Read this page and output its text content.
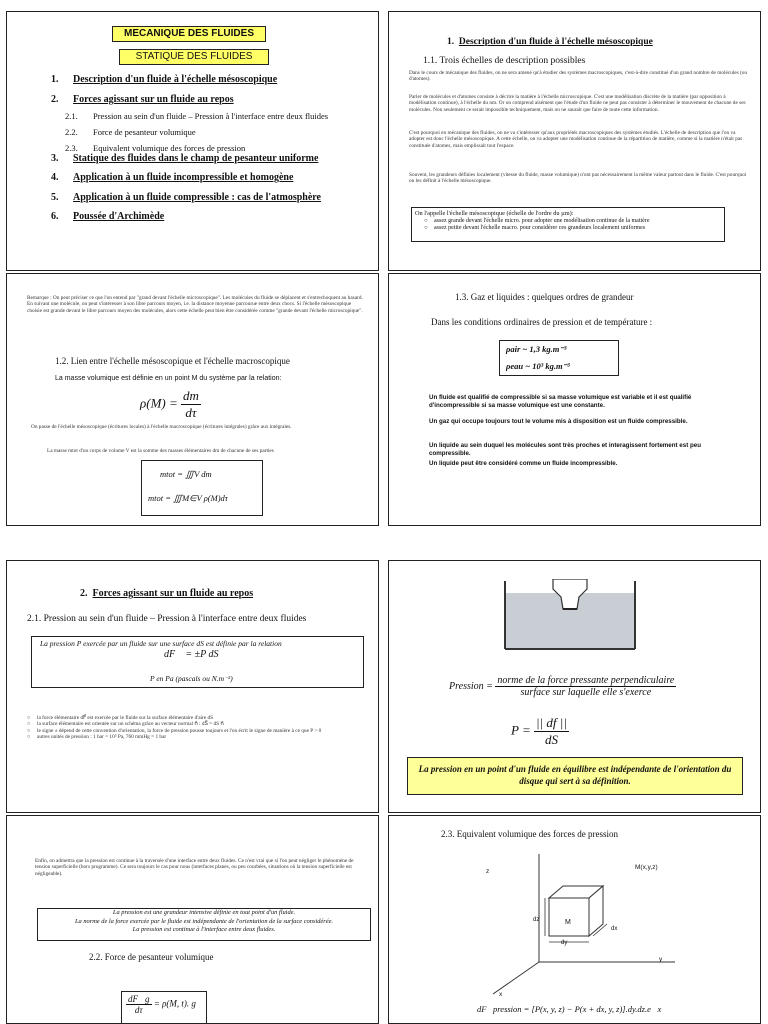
MECANIQUE DES FLUIDES
STATIQUE DES FLUIDES
1. Description d'un fluide à l'échelle mésoscopique
2. Forces agissant sur un fluide au repos
2.1. Pression au sein d'un fluide – Pression à l'interface entre deux fluides
2.2. Force de pesanteur volumique
2.3. Equivalent volumique des forces de pression
3. Statique des fluides dans le champ de pesanteur uniforme
4. Application à un fluide incompressible et homogène
5. Application à un fluide compressible : cas de l'atmosphère
6. Poussée d'Archimède
1. Description d'un fluide à l'échelle mésoscopique
1.1. Trois échelles de description possibles
Dans le cours de mécanique des fluides, on ne sera amené qu'à étudier des systèmes macroscopiques, c'est-à-dire constitué d'un grand nombre de molécules (ou d'atomes).
Parler de molécules et d'atomes consiste à décrire la matière à l'échelle microscopique. C'est une modélisation discrète de la matière (par opposition à modélisation continue), à l'échelle du nm. Or on comprend aisément que l'étude d'un fluide ne peut pas consister à déterminer le mouvement de chacune de ses molécules. Non seulement ce serait impossible techniquement, mais on ne saurait que faire de toute cette information.
C'est pourquoi en mécanique des fluides, on ne va s'intéresser qu'aux propriétés macroscopiques des systèmes étudiés. L'échelle de description que l'on va adopter est donc l'échelle mésoscopique. A cette échelle, on va adopter une modélisation continue de la répartition de matière, comme si la matière n'était pas constituée d'atomes, mais emplissait tout l'espace.
Souvent, les grandeurs définies localement (vitesse du fluide, masse volumique) n'ont pas nécessairement la même valeur partout dans le fluide. C'est pourquoi on les définit à l'échelle mésoscopique.
On l'appelle l'échelle mésoscopique (échelle de l'ordre du µm):
○ assez grande devant l'échelle micro. pour adopter une modélisation continue de la matière
○ assez petite devant l'échelle macro. pour considérer ces grandeurs localement uniformes
Remarque : On peut préciser ce que l'on entend par "grand devant l'échelle microscopique". Les molécules du fluide se déplacent et s'entrechoquent au hasard. En suivant une molécule, on peut s'intéresser à son libre parcours moyen, i.e. la distance moyenne parcourue entre deux chocs. Si l'échelle mésoscopique choisie est grande devant le libre parcours moyen des molécules, alors cette échelle peut bien être considérée comme "grande devant l'échelle microscopique".
1.2. Lien entre l'échelle mésoscopique et l'échelle macroscopique
La masse volumique est définie en un point M du système par la relation:
$\rho(M) = \frac{dm}{d\tau}$
On passe de l'échelle mésoscopique (écritures locales) à l'échelle macroscopique (écritures intégrales) grâce aux intégrales.
La masse mtot d'un corps de volume V est la somme des masses élémentaires dm de chacune de ses parties
mtot = ∭V dm
mtot = ∭M∈V ρ(M)dτ
1.3. Gaz et liquides : quelques ordres de grandeur
Dans les conditions ordinaires de pression et de température :
ρair ~ 1,3 kg.m⁻³
ρeau ~ 10³ kg.m⁻³
Un fluide est qualifié de compressible si sa masse volumique est variable et il est qualifié d'incompressible si sa masse volumique est une constante.
Un gaz qui occupe toujours tout le volume mis à disposition est un fluide compressible.
Un liquide au sein duquel les molécules sont très proches et interagissent fortement est peu compressible.
Un liquide peut être considéré comme un fluide incompressible.
2. Forces agissant sur un fluide au repos
2.1. Pression au sein d'un fluide – Pression à l'interface entre deux fluides
La pression P exercée par un fluide sur une surface dS est définie par la relation
dF⃗ = ±P dS⃗
P en Pa (pascals ou N.m⁻²)
○ la force élémentaire dF⃗ est exercée par le fluide sur la surface élémentaire d'aire dS
○ la surface élémentaire est orientée sur un schéma grâce au vecteur normal n⃗ : dS⃗ = dS n⃗
○ le signe ± dépend de cette convention d'orientation, la force de pression pousse toujours et l'on écrit le signe de manière à ce que P > 0
○ autres unités de pression : 1 bar = 10⁵ Pa, 760 mmHg = 1 bar
Pression = $\frac{\text{norme de la force pressante perpendiculaire}}{\text{surface sur laquelle elle s'exerce}}$
$P = \frac{|| df ||}{dS}$
La pression en un point d'un fluide en équilibre est indépendante de l'orientation du disque qui sert à sa définition.
Enfin, on admettra que la pression est continue à la traversée d'une interface entre deux fluides. Ce n'est vrai que si l'on peut négliger le phénomène de tension superficielle (hors programme). Ce sera toujours le cas pour nous (interfaces planes, ou peu courbées, situations où la tension superficielle est négligeable).
La pression est une grandeur intensive définie en tout point d'un fluide.
La norme de la force exercée par le fluide est indépendante de l'orientation de la surface considérée.
La pression est continue à l'interface entre deux fluides.
2.2. Force de pesanteur volumique
$\frac{dF⃗g}{d\tau} = \rho(M$, t). g⃗
2.3. Equivalent volumique des forces de pression
z
M(x,y,z)
dz	M
dy
dx
y
x
dF⃗pression = [P(x, y, z) − P(x + dx, y, z)].dy.dz.e⃗x
